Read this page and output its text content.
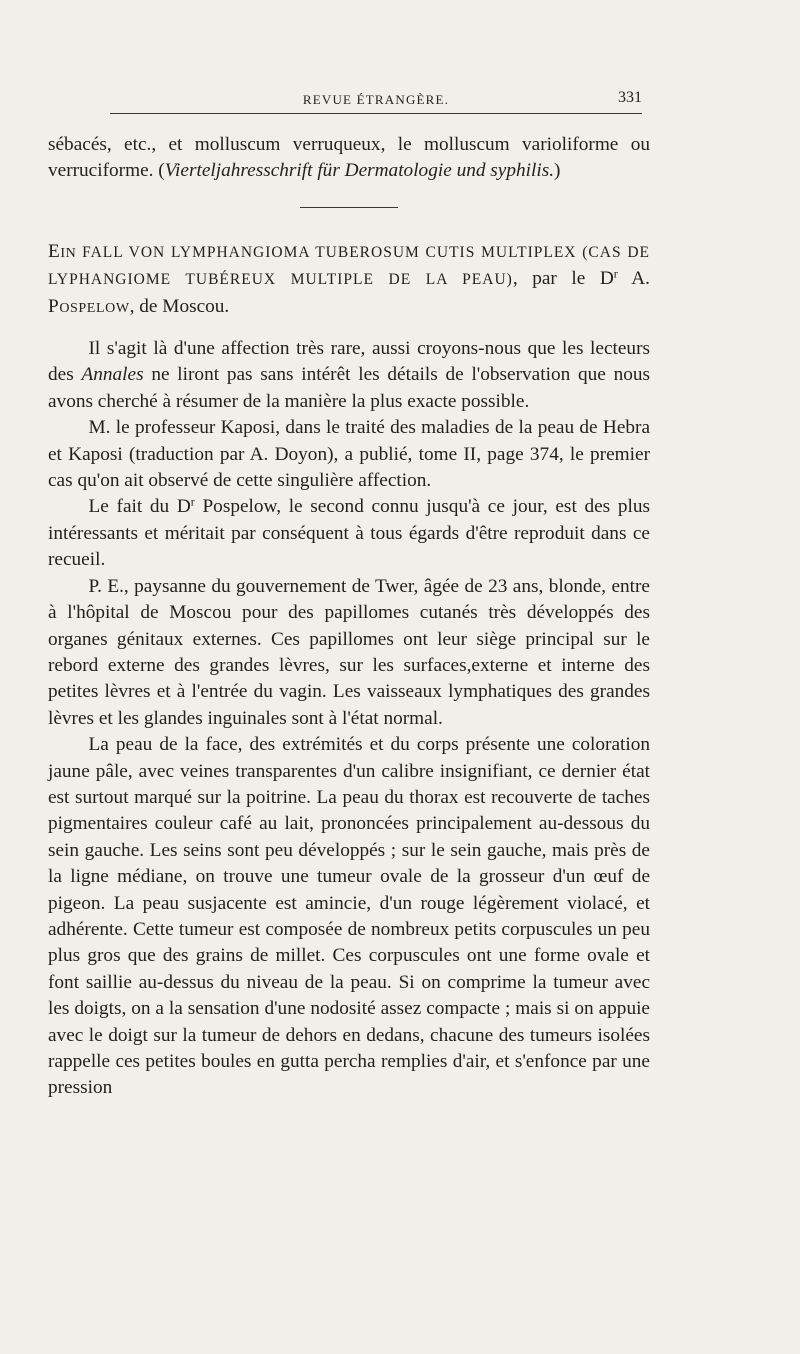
REVUE ÉTRANGÈRE.	331

sébacés, etc., et molluscum verruqueux, le molluscum varioliforme ou verruciforme. (Vierteljahresschrift für Dermatologie und syphilis.)

Ein FALL VON LYMPHANGIOMA TUBEROSUM CUTIS MULTIPLEX (CAS DE LYPHANGIOME TUBÉREUX MULTIPLE DE LA PEAU), par le $D^r$ A. Pospelow, de Moscou.

Il s'agit là d'une affection très rare, aussi croyons-nous que les lecteurs des Annales ne liront pas sans intérêt les détails de l'observation que nous avons cherché à résumer de la manière la plus exacte possible.

M. le professeur Kaposi, dans le traité des maladies de la peau de Hebra et Kaposi (traduction par A. Doyon), a publié, tome II, page 374, le premier cas qu'on ait observé de cette singulière affection.

Le fait du $D^r$ Pospelow, le second connu jusqu'à ce jour, est des plus intéressants et méritait par conséquent à tous égards d'être reproduit dans ce recueil.

P. E., paysanne du gouvernement de Twer, âgée de 23 ans, blonde, entre à l'hôpital de Moscou pour des papillomes cutanés très développés des organes génitaux externes. Ces papillomes ont leur siège principal sur le rebord externe des grandes lèvres, sur les surfaces,externe et interne des petites lèvres et à l'entrée du vagin. Les vaisseaux lymphatiques des grandes lèvres et les glandes inguinales sont à l'état normal.

La peau de la face, des extrémités et du corps présente une coloration jaune pâle, avec veines transparentes d'un calibre insignifiant, ce dernier état est surtout marqué sur la poitrine. La peau du thorax est recouverte de taches pigmentaires couleur café au lait, prononcées principalement au-dessous du sein gauche. Les seins sont peu développés ; sur le sein gauche, mais près de la ligne médiane, on trouve une tumeur ovale de la grosseur d'un œuf de pigeon. La peau susjacente est amincie, d'un rouge légèrement violacé, et adhérente. Cette tumeur est composée de nombreux petits corpuscules un peu plus gros que des grains de millet. Ces corpuscules ont une forme ovale et font saillie au-dessus du niveau de la peau. Si on comprime la tumeur avec les doigts, on a la sensation d'une nodosité assez compacte ; mais si on appuie avec le doigt sur la tumeur de dehors en dedans, chacune des tumeurs isolées rappelle ces petites boules en gutta percha remplies d'air, et s'enfonce par une pression
